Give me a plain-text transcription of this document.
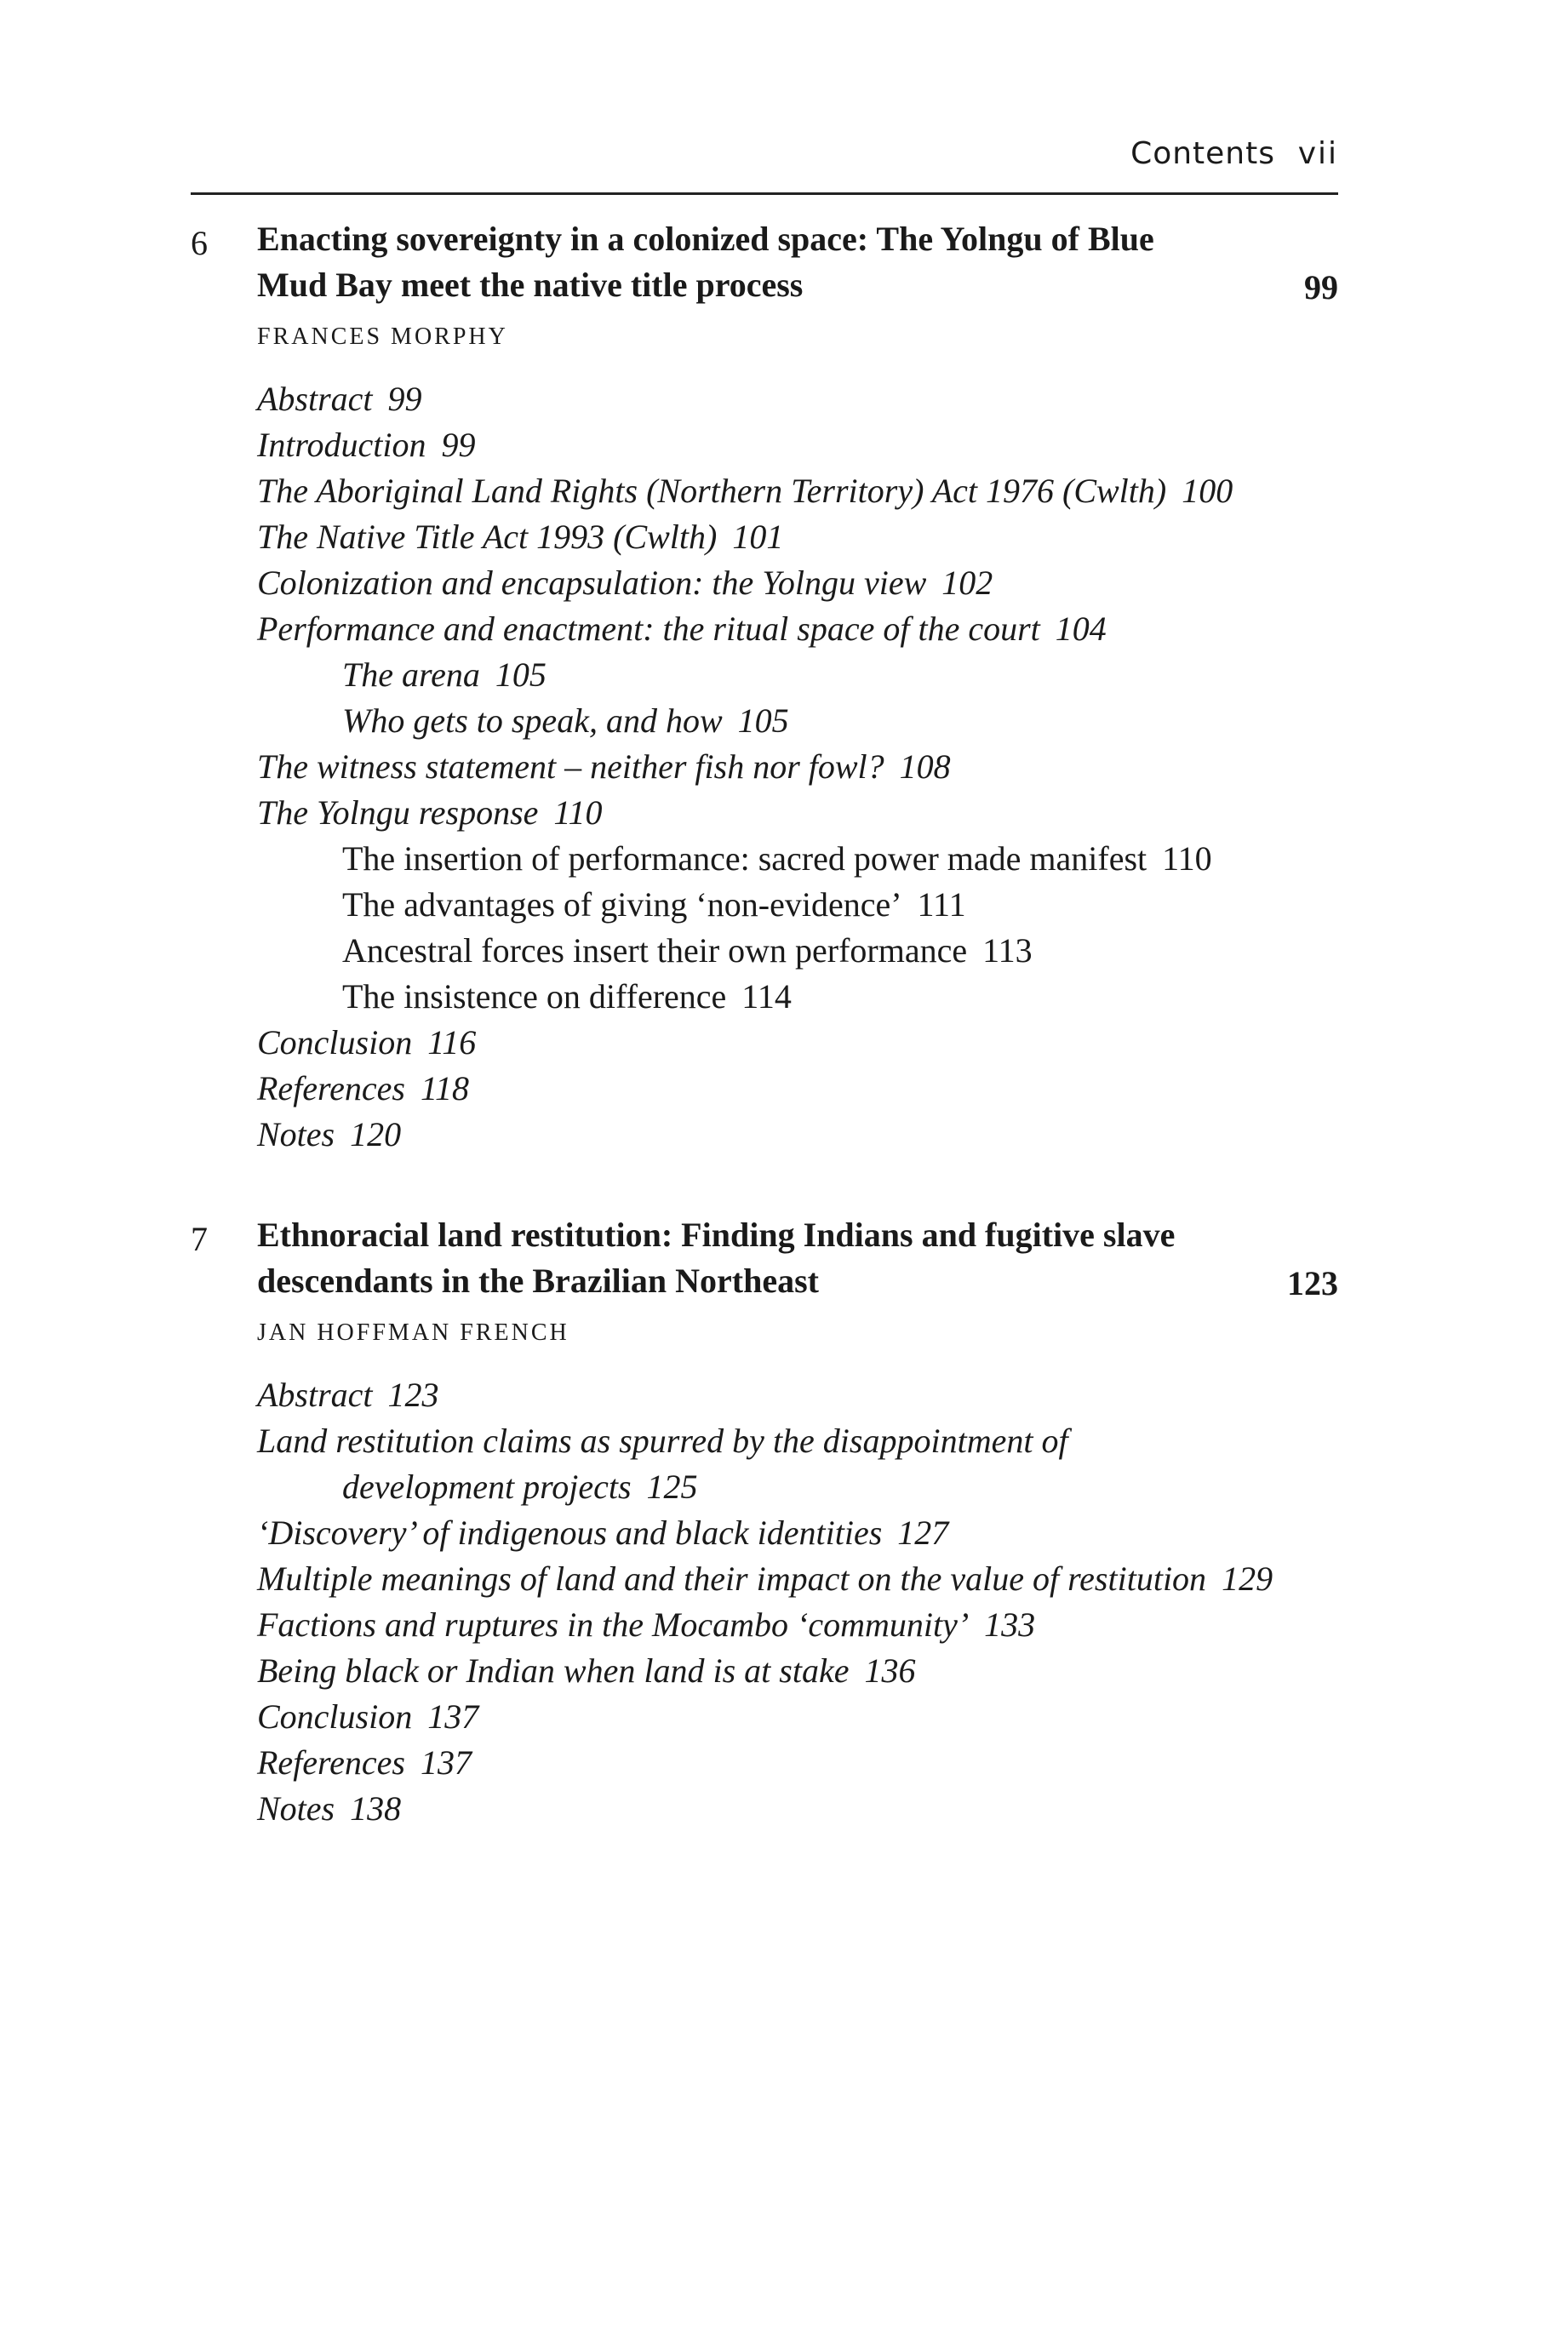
Contents vii
6 Enacting sovereignty in a colonized space: The Yolngu of Blue
Mud Bay meet the native title process	99
FRANCES MORPHY
Abstract 99
Introduction 99
The Aboriginal Land Rights (Northern Territory) Act 1976 (Cwlth) 100
The Native Title Act 1993 (Cwlth) 101
Colonization and encapsulation: the Yolngu view 102
Performance and enactment: the ritual space of the court 104
The arena 105
Who gets to speak, and how 105
The witness statement – neither fish nor fowl? 108
The Yolngu response 110
The insertion of performance: sacred power made manifest 110
The advantages of giving ‘non-evidence’ 111
Ancestral forces insert their own performance 113
The insistence on difference 114
Conclusion 116
References 118
Notes 120
7 Ethnoracial land restitution: Finding Indians and fugitive slave
descendants in the Brazilian Northeast	123
JAN HOFFMAN FRENCH
Abstract 123
Land restitution claims as spurred by the disappointment of
development projects 125
‘Discovery’ of indigenous and black identities 127
Multiple meanings of land and their impact on the value of restitution 129
Factions and ruptures in the Mocambo ‘community’ 133
Being black or Indian when land is at stake 136
Conclusion 137
References 137
Notes 138
